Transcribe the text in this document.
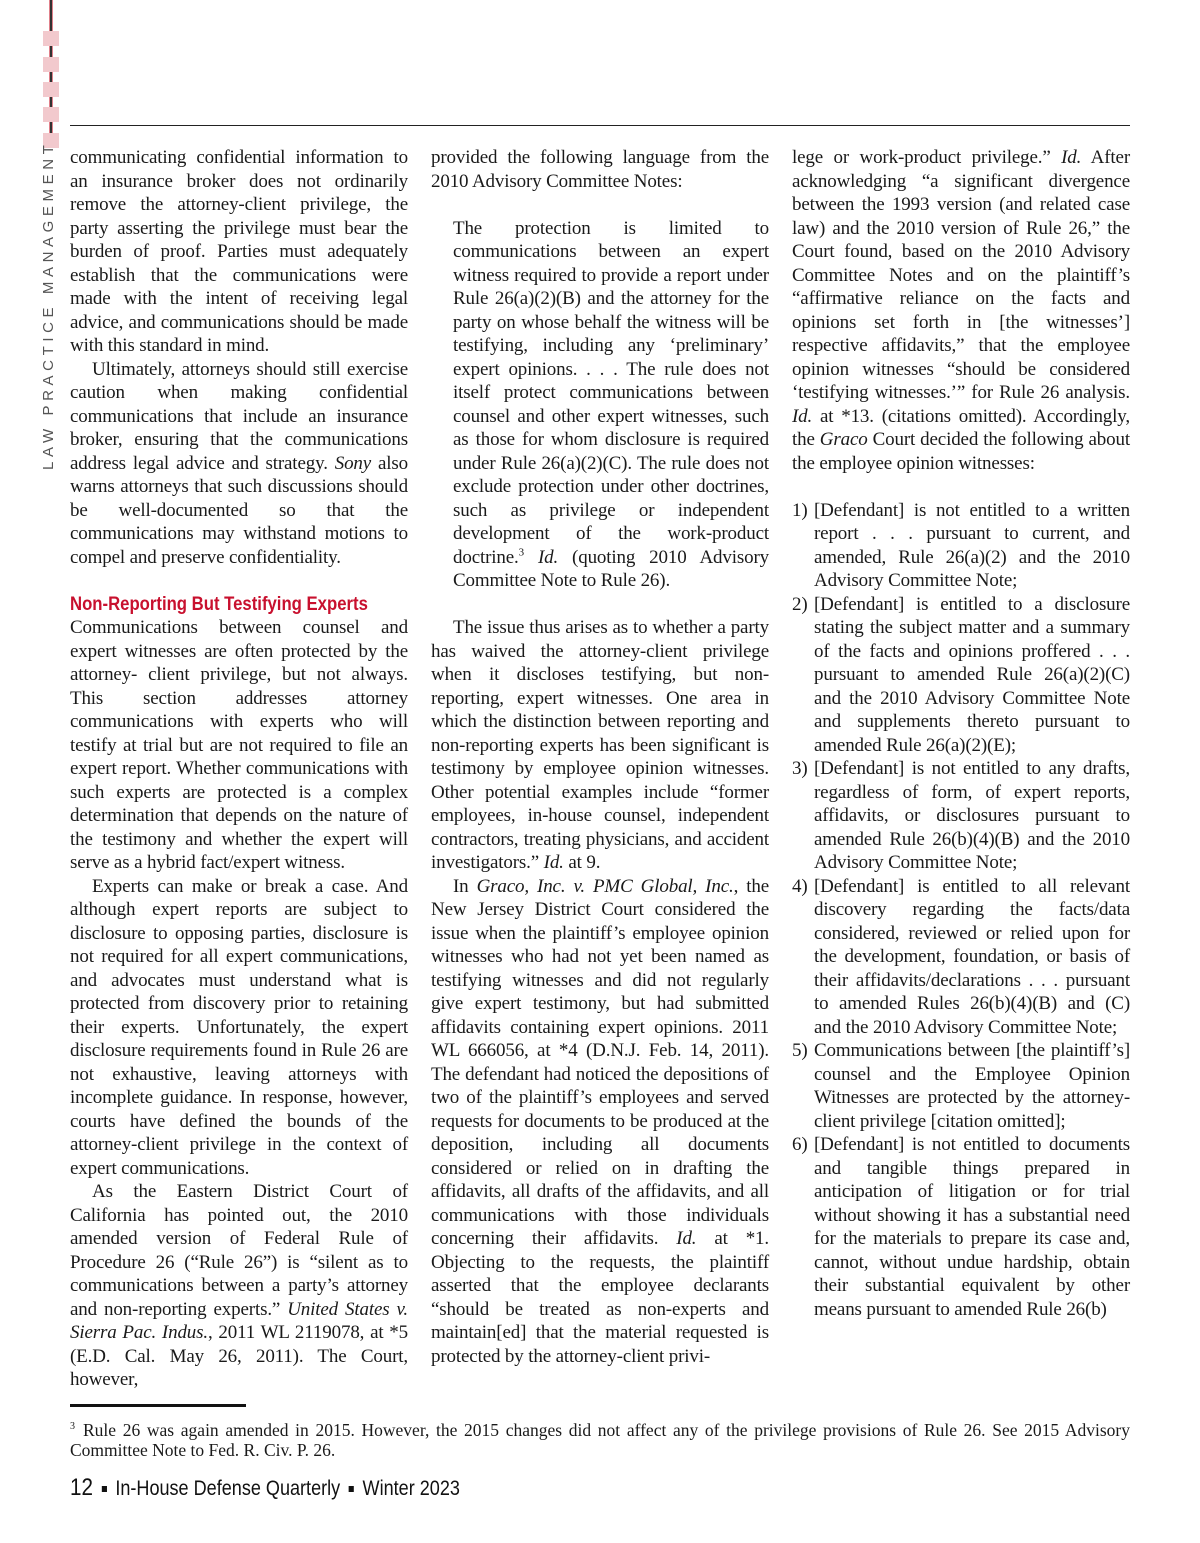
LAW PRACTICE MANAGEMENT communicating confidential information to an insurance broker does not ordinarily remove the attorney-client privilege, the party asserting the privilege must bear the burden of proof. Parties must adequately establish that the communications were made with the intent of receiving legal advice, and communications should be made with this standard in mind.

Ultimately, attorneys should still exercise caution when making confidential communications that include an insurance broker, ensuring that the communications address legal advice and strategy. Sony also warns attorneys that such discussions should be well-documented so that the communications may withstand motions to compel and preserve confidentiality.

Non-Reporting But Testifying Experts

Communications between counsel and expert witnesses are often protected by the attorney- client privilege, but not always. This section addresses attorney communications with experts who will testify at trial but are not required to file an expert report. Whether communications with such experts are protected is a complex determination that depends on the nature of the testimony and whether the expert will serve as a hybrid fact/expert witness.

Experts can make or break a case. And although expert reports are subject to disclosure to opposing parties, disclosure is not required for all expert communications, and advocates must understand what is protected from discovery prior to retaining their experts. Unfortunately, the expert disclosure requirements found in Rule 26 are not exhaustive, leaving attorneys with incomplete guidance. In response, however, courts have defined the bounds of the attorney-client privilege in the context of expert communications.

As the Eastern District Court of California has pointed out, the 2010 amended version of Federal Rule of Procedure 26 (“Rule 26”) is “silent as to communications between a party’s attorney and non-reporting experts.” United States v. Sierra Pac. Indus., 2011 WL 2119078, at *5 (E.D. Cal. May 26, 2011). The Court, however,

provided the following language from the 2010 Advisory Committee Notes:

The protection is limited to communications between an expert witness required to provide a report under Rule 26(a)(2)(B) and the attorney for the party on whose behalf the witness will be testifying, including any ‘preliminary’ expert opinions. . . . The rule does not itself protect communications between counsel and other expert witnesses, such as those for whom disclosure is required under Rule 26(a)(2)(C). The rule does not exclude protection under other doctrines, such as privilege or independent development of the work-product doctrine.$^3$ Id. (quoting 2010 Advisory Committee Note to Rule 26).

The issue thus arises as to whether a party has waived the attorney-client privilege when it discloses testifying, but non-reporting, expert witnesses. One area in which the distinction between reporting and non-reporting experts has been significant is testimony by employee opinion witnesses. Other potential examples include “former employees, in-house counsel, independent contractors, treating physicians, and accident investigators.” Id. at 9.

In Graco, Inc. v. PMC Global, Inc., the New Jersey District Court considered the issue when the plaintiff’s employee opinion witnesses who had not yet been named as testifying witnesses and did not regularly give expert testimony, but had submitted affidavits containing expert opinions. 2011 WL 666056, at *4 (D.N.J. Feb. 14, 2011). The defendant had noticed the depositions of two of the plaintiff’s employees and served requests for documents to be produced at the deposition, including all documents considered or relied on in drafting the affidavits, all drafts of the affidavits, and all communications with those individuals concerning their affidavits. Id. at *1. Objecting to the requests, the plaintiff asserted that the employee declarants “should be treated as non-experts and maintain[ed] that the material requested is protected by the attorney-client privi-

lege or work-product privilege.” Id. After acknowledging “a significant divergence between the 1993 version (and related case law) and the 2010 version of Rule 26,” the Court found, based on the 2010 Advisory Committee Notes and on the plaintiff’s “affirmative reliance on the facts and opinions set forth in [the witnesses’] respective affidavits,” that the employee opinion witnesses “should be considered ‘testifying witnesses.’” for Rule 26 analysis. Id. at *13. (citations omitted). Accordingly, the Graco Court decided the following about the employee opinion witnesses:

1) [Defendant] is not entitled to a written report . . . pursuant to current, and amended, Rule 26(a)(2) and the 2010 Advisory Committee Note;
2) [Defendant] is entitled to a disclosure stating the subject matter and a summary of the facts and opinions proffered . . . pursuant to amended Rule 26(a)(2)(C) and the 2010 Advisory Committee Note and supplements thereto pursuant to amended Rule 26(a)(2)(E);
3) [Defendant] is not entitled to any drafts, regardless of form, of expert reports, affidavits, or disclosures pursuant to amended Rule 26(b)(4)(B) and the 2010 Advisory Committee Note;
4) [Defendant] is entitled to all relevant discovery regarding the facts/data considered, reviewed or relied upon for the development, foundation, or basis of their affidavits/declarations . . . pursuant to amended Rules 26(b)(4)(B) and (C) and the 2010 Advisory Committee Note;
5) Communications between [the plaintiff’s] counsel and the Employee Opinion Witnesses are protected by the attorney-client privilege [citation omitted];
6) [Defendant] is not entitled to documents and tangible things prepared in anticipation of litigation or for trial without showing it has a substantial need for the materials to prepare its case and, cannot, without undue hardship, obtain their substantial equivalent by other means pursuant to amended Rule 26(b)
$^3$ Rule 26 was again amended in 2015. However, the 2015 changes did not affect any of the privilege provisions of Rule 26. See 2015 Advisory Committee Note to Fed. R. Civ. P. 26.
12 In-House Defense Quarterly Winter 2023
